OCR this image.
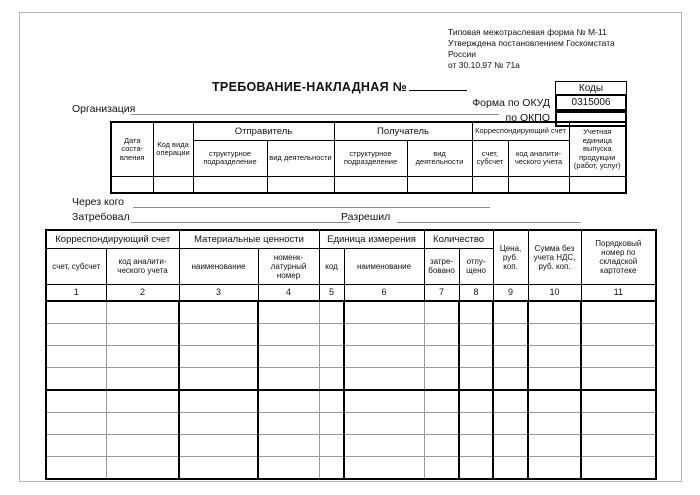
Типовая межотраслевая форма № М-11
Утверждена постановлением Госкомстата
России
от 30.10.97 № 71а
ТРЕБОВАНИЕ-НАКЛАДНАЯ №
Форма по ОКУД
по ОКПО
Коды
0315006
Организация
Дата соста- вления	Код вида операции	Отправитель		Получатель		Корреспондирующий счет		Учетная единица выпуска продукции (работ, услуг)
		структурное подразделение	вид деятельности	структурное подразделение	вид деятельности	счет, субсчет	код аналити- ческого учета	

Через кого
Затребовал	Разрешил
Корреспондирующий счет		Материальные ценности		Единица измерения		Количество		Цена, руб. коп.	Сумма без учета НДС, руб. коп.	Порядковый номер по складской картотеке
счет, субсчет	код аналити- ческого учета	наименование	номенк- латурный номер	код	наименование	затре- бовано	отпу- щено			
1	2	3	4	5	6	7	8	9	10	11
